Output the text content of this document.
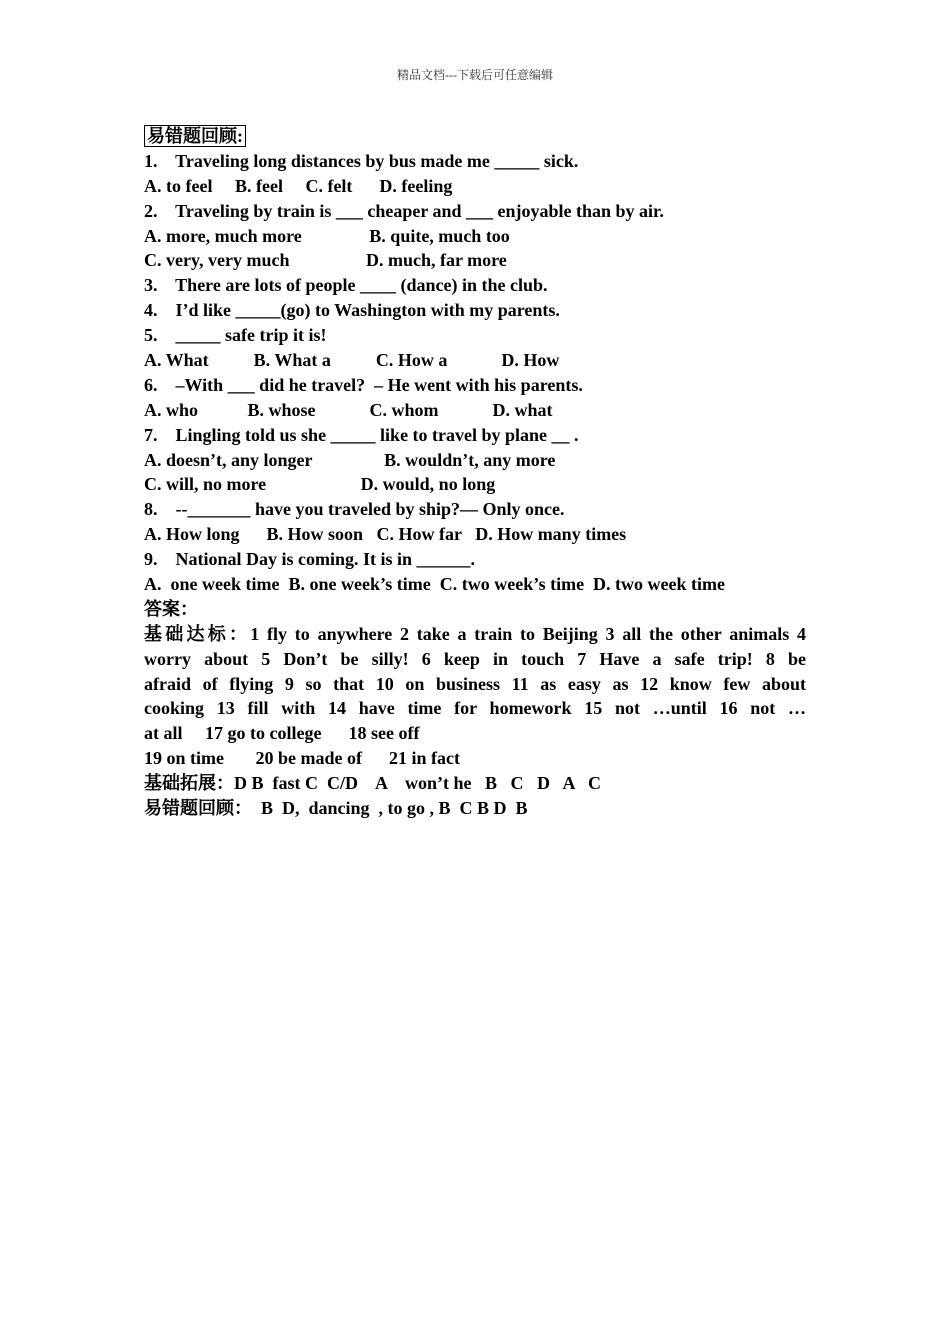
精品文档---下载后可任意编辑
易错题回顾:
1.    Traveling long distances by bus made me _____ sick.
A. to feel     B. feel     C. felt      D. feeling
2.    Traveling by train is ___ cheaper and ___ enjoyable than by air.
A. more, much more               B. quite, much too
C. very, very much                 D. much, far more
3.    There are lots of people ____ (dance) in the club.
4.    I’d like _____(go) to Washington with my parents.
5.    _____ safe trip it is!
A. What          B. What a          C. How a            D. How
6.    –With ___ did he travel?  – He went with his parents.
A. who           B. whose            C. whom            D. what
7.    Lingling told us she _____ like to travel by plane __ .
A. doesn’t, any longer                B. wouldn’t, any more
C. will, no more                     D. would, no long
8.    --_______ have you traveled by ship?— Only once.
A. How long      B. How soon   C. How far   D. How many times
9.    National Day is coming. It is in ______.
A.  one week time  B. one week’s time  C. two week’s time  D. two week time
答案：
基础达标：1 fly to anywhere 2 take a train to Beijing 3 all the other animals 4
worry about 5 Don’t be silly! 6 keep in touch 7 Have a safe trip! 8 be
afraid of flying 9 so that 10 on business 11 as easy as 12 know few about
cooking 13 fill with 14 have time for homework 15 not …until 16 not …
at all     17 go to college      18 see off
19 on time       20 be made of      21 in fact
基础拓展：D B  fast C  C/D    A    won’t he   B   C   D   A   C
易错题回顾：  B  D,  dancing  , to go , B  C B D  B
